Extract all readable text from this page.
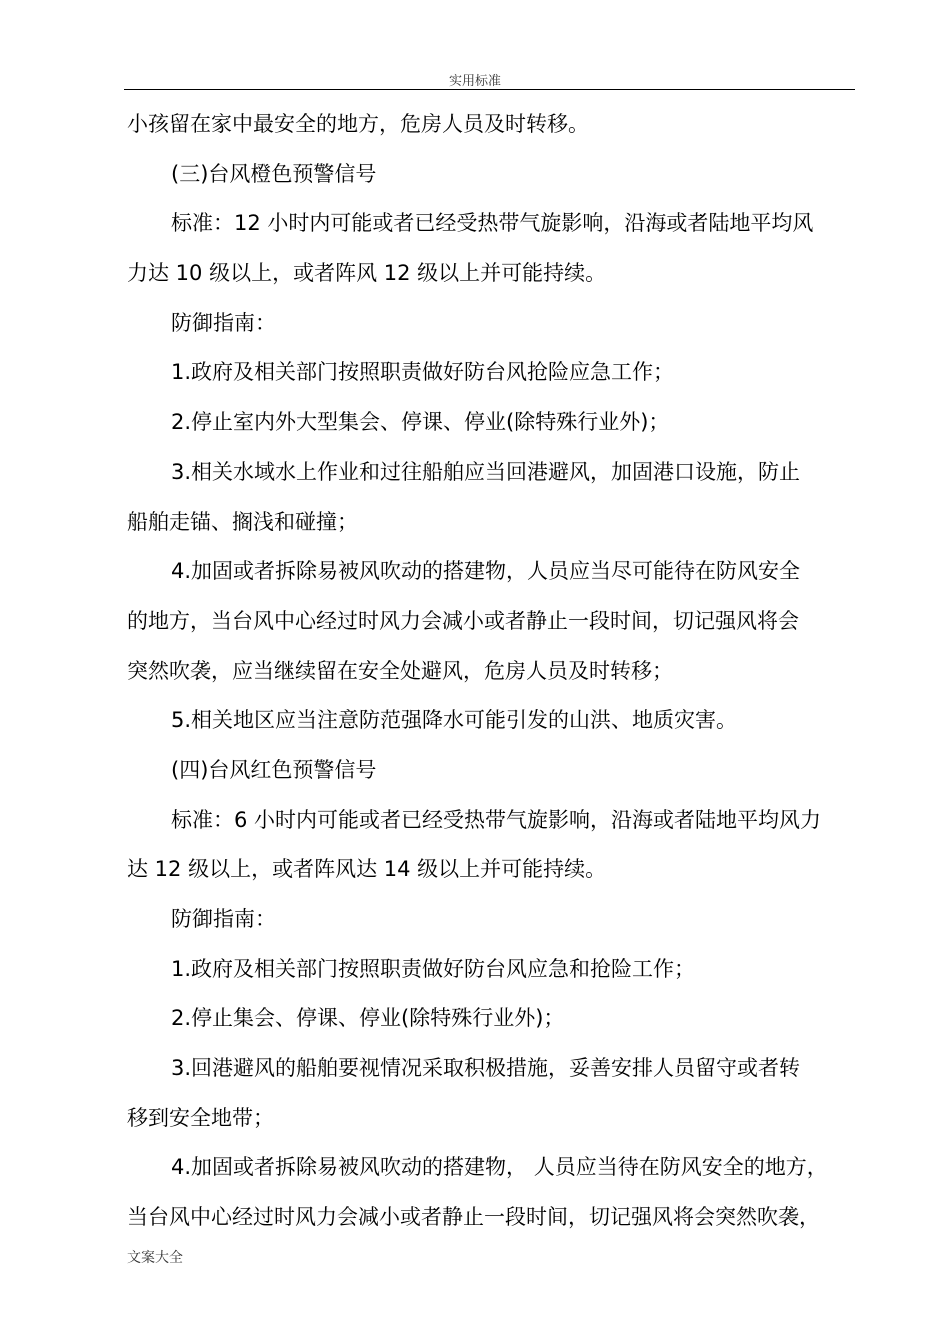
实用标准
小孩留在家中最安全的地方，危房人员及时转移。
(三)台风橙色预警信号
标准：12 小时内可能或者已经受热带气旋影响，沿海或者陆地平均风
力达 10 级以上，或者阵风 12 级以上并可能持续。
防御指南：
1.政府及相关部门按照职责做好防台风抢险应急工作；
2.停止室内外大型集会、停课、停业(除特殊行业外)；
3.相关水域水上作业和过往船舶应当回港避风，加固港口设施，防止
船舶走锚、搁浅和碰撞；
4.加固或者拆除易被风吹动的搭建物，人员应当尽可能待在防风安全
的地方，当台风中心经过时风力会减小或者静止一段时间，切记强风将会
突然吹袭，应当继续留在安全处避风，危房人员及时转移；
5.相关地区应当注意防范强降水可能引发的山洪、地质灾害。
(四)台风红色预警信号
标准：6 小时内可能或者已经受热带气旋影响，沿海或者陆地平均风力
达 12 级以上，或者阵风达 14 级以上并可能持续。
防御指南：
1.政府及相关部门按照职责做好防台风应急和抢险工作；
2.停止集会、停课、停业(除特殊行业外)；
3.回港避风的船舶要视情况采取积极措施，妥善安排人员留守或者转
移到安全地带；
4.加固或者拆除易被风吹动的搭建物， 人员应当待在防风安全的地方，
当台风中心经过时风力会减小或者静止一段时间，切记强风将会突然吹袭，
文案大全
